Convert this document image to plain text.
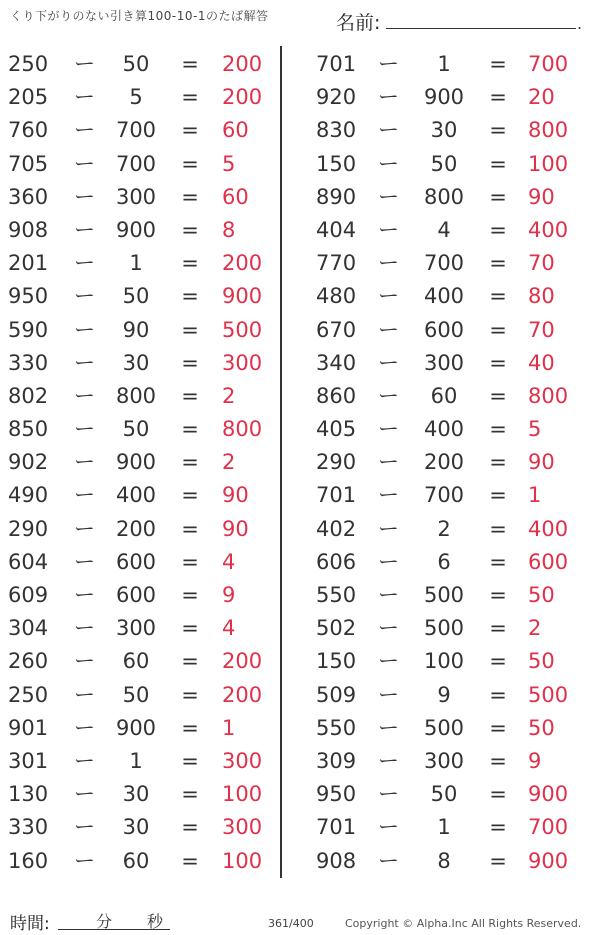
くり下がりのない引き算100-10-1のたば解答	名前:	.
250	ー	50	= 200
205	ー	5	= 200
760	ー 700	= 60
705	ー 700	= 5
360	ー 300	= 60
908	ー 900	= 8
201	ー	1	= 200
950	ー	50	= 900
590	ー	90	= 500
330	ー	30	= 300
802	ー 800	= 2
850	ー	50	= 800
902	ー 900	= 2
490	ー 400	= 90
290	ー 200	= 90
604	ー 600	= 4
609	ー 600	= 9
304	ー 300	= 4
260	ー	60	= 200
250	ー	50	= 200
901	ー 900	= 1
301	ー	1	= 300
130	ー	30	= 100
330	ー	30	= 300
160	ー	60	= 100
701	ー	1	= 700
920	ー	900	= 20
830	ー	30	= 800
150	ー	50	= 100
890	ー	800	= 90
404	ー	4	= 400
770	ー	700	= 70
480	ー	400	= 80
670	ー	600	= 70
340	ー	300	= 40
860	ー	60	= 800
405	ー	400	= 5
290	ー	200	= 90
701	ー	700	= 1
402	ー	2	= 400
606	ー	6	= 600
550	ー	500	= 50
502	ー	500	= 2
150	ー	100	= 50
509	ー	9	= 500
550	ー	500	= 50
309	ー	300	= 9
950	ー	50	= 900
701	ー	1	= 700
908	ー	8	= 900
時間:	分 秒	361/400	Copyright © Alpha.Inc All Rights Reserved.
